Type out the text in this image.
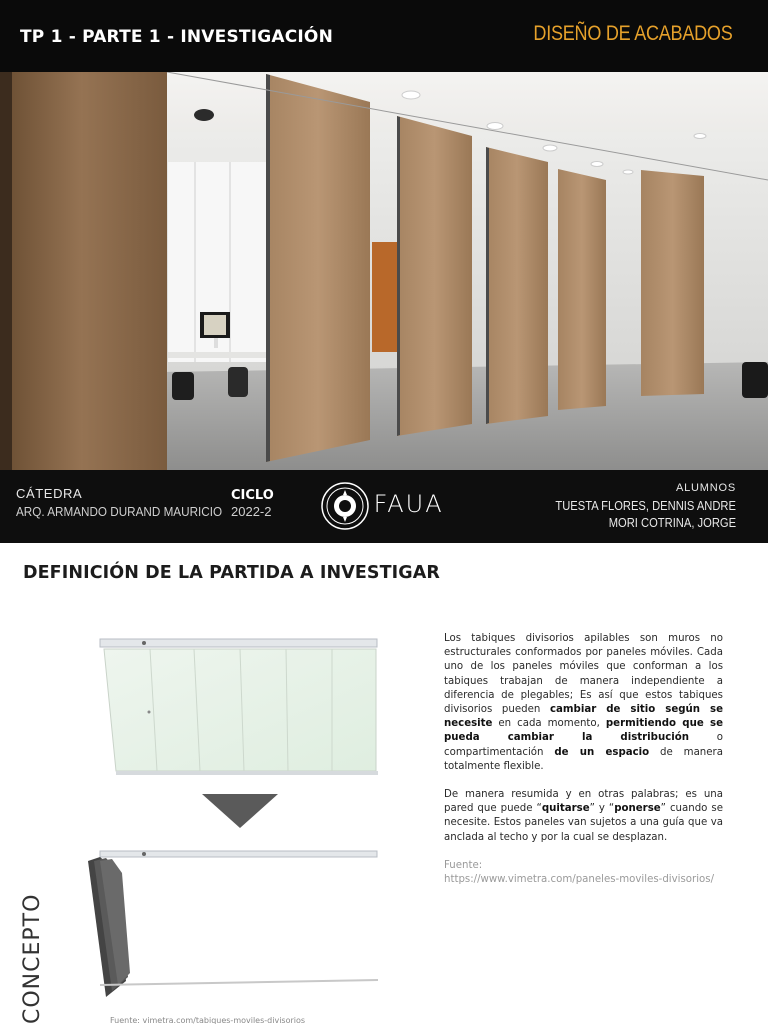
TP 1 - PARTE 1 - INVESTIGACIÓN	DISEÑO DE ACABADOS
CÁTEDRA
ARQ. ARMANDO DURAND MAURICIO
CICLO
2022-2	·FAUA
ALUMNOS
TUESTA FLORES, DENNIS ANDRE
MORI COTRINA, JORGE
DEFINICIÓN DE LA PARTIDA A INVESTIGAR

Los tabiques divisorios apilables son muros no estructurales conformados por paneles móviles. Cada uno de los paneles móviles que conforman a los tabiques trabajan de manera independiente a diferencia de plegables; Es así que estos tabiques divisorios pueden cambiar de sitio según se necesite en cada momento, permitiendo que se pueda cambiar la distribución o compartimentación de un espacio de manera totalmente flexible.

De manera resumida y en otras palabras; es una pared que puede “quitarse” y “ponerse” cuando se necesite. Estos paneles van sujetos a una guía que va anclada al techo y por la cual se desplazan.

Fuente:

https://www.vimetra.com/paneles-moviles-divisorios/

CONCEPTO	Fuente: vimetra.com/tabiques-moviles-divisorios
